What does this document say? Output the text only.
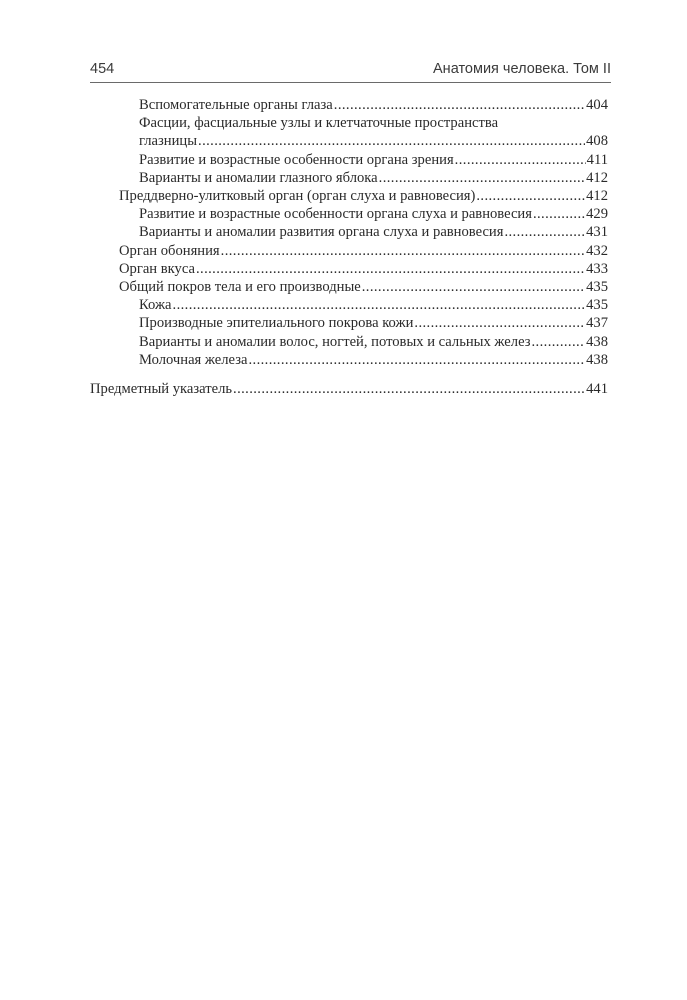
454	Анатомия человека. Том II
Вспомогательные органы глаза .....	404
Фасции, фасциальные узлы и клетчаточные пространства
глазницы .....	408
Развитие и возрастные особенности органа зрения .....	411
Варианты и аномалии глазного яблока .....	412
Преддверно-улитковый орган (орган слуха и равновесия) .....	412
Развитие и возрастные особенности органа слуха и равновесия .....	429
Варианты и аномалии развития органа слуха и равновесия .....	431
Орган обоняния .....	432
Орган вкуса .....	433
Общий покров тела и его производные .....	435
Кожа .....	435
Производные эпителиального покрова кожи .....	437
Варианты и аномалии волос, ногтей, потовых и сальных желез .....	438
Молочная железа .....	438
Предметный указатель .....	441
